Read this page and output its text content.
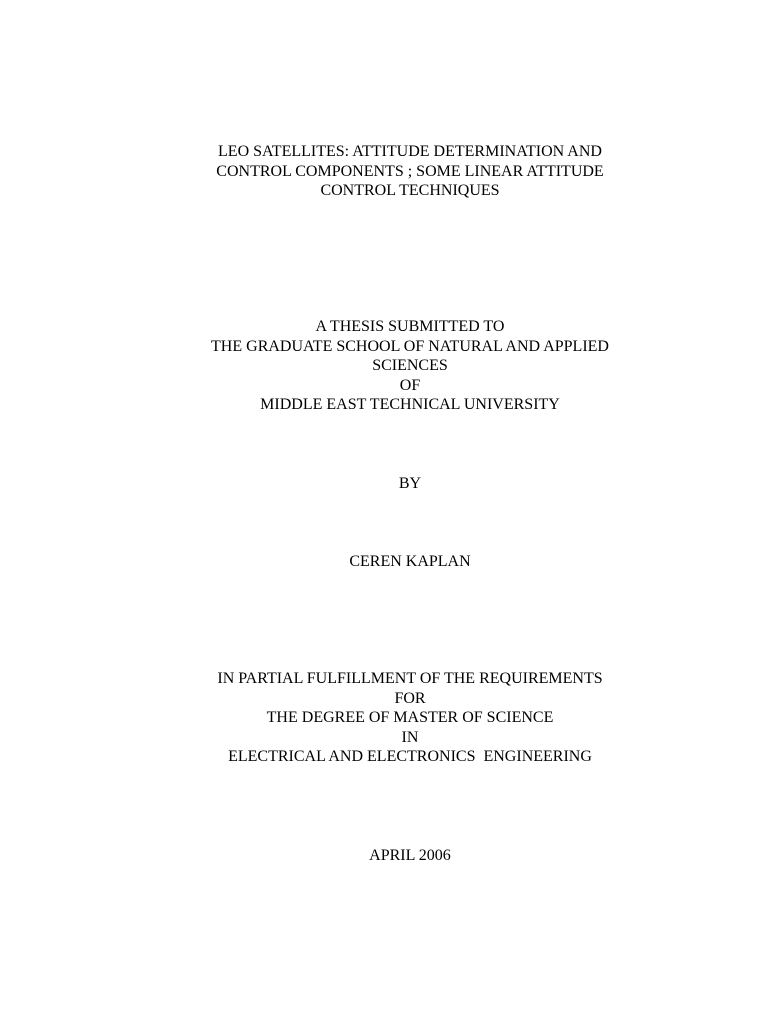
LEO SATELLITES: ATTITUDE DETERMINATION AND
CONTROL COMPONENTS ; SOME LINEAR ATTITUDE
CONTROL TECHNIQUES
A THESIS SUBMITTED TO
THE GRADUATE SCHOOL OF NATURAL AND APPLIED
SCIENCES
OF
MIDDLE EAST TECHNICAL UNIVERSITY
BY
CEREN KAPLAN
IN PARTIAL FULFILLMENT OF THE REQUIREMENTS
FOR
THE DEGREE OF MASTER OF SCIENCE
IN
ELECTRICAL AND ELECTRONICS  ENGINEERING
APRIL 2006
